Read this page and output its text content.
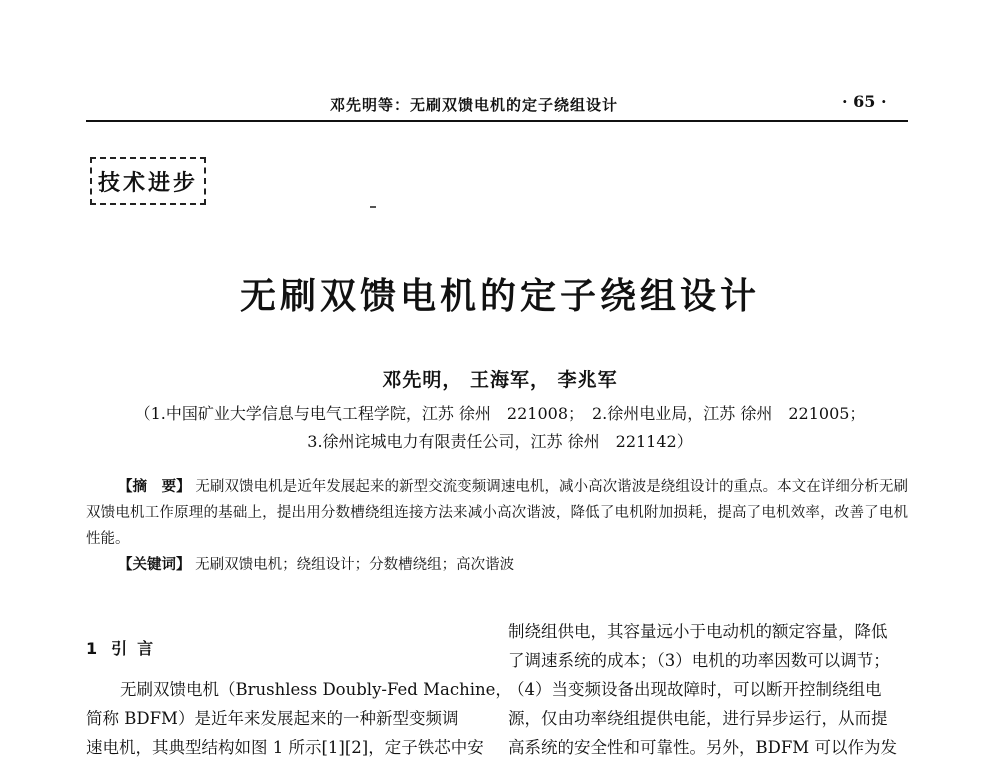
邓先明等：无刷双馈电机的定子绕组设计	· 65 ·
技术进步
无刷双馈电机的定子绕组设计
邓先明， 王海军， 李兆军
（1.中国矿业大学信息与电气工程学院，江苏 徐州　221008；　2.徐州电业局，江苏 徐州　221005；
3.徐州诧城电力有限责任公司，江苏 徐州　221142）
【摘　要】 无刷双馈电机是近年发展起来的新型交流变频调速电机，减小高次谐波是绕组设计的重点。本文在详细分析无刷双馈电机工作原理的基础上，提出用分数槽绕组连接方法来减小高次谐波，降低了电机附加损耗，提高了电机效率，改善了电机性能。
【关键词】 无刷双馈电机；绕组设计；分数槽绕组；高次谐波
1 引言
无刷双馈电机（Brushless Doubly-Fed Machine，
简称 BDFM）是近年来发展起来的一种新型变频调
速电机，其典型结构如图 1 所示[1][2]，定子铁芯中安
制绕组供电，其容量远小于电动机的额定容量，降低
了调速系统的成本；（3）电机的功率因数可以调节；
（4）当变频设备出现故障时，可以断开控制绕组电
源，仅由功率绕组提供电能，进行异步运行，从而提
高系统的安全性和可靠性。另外，BDFM 可以作为发
